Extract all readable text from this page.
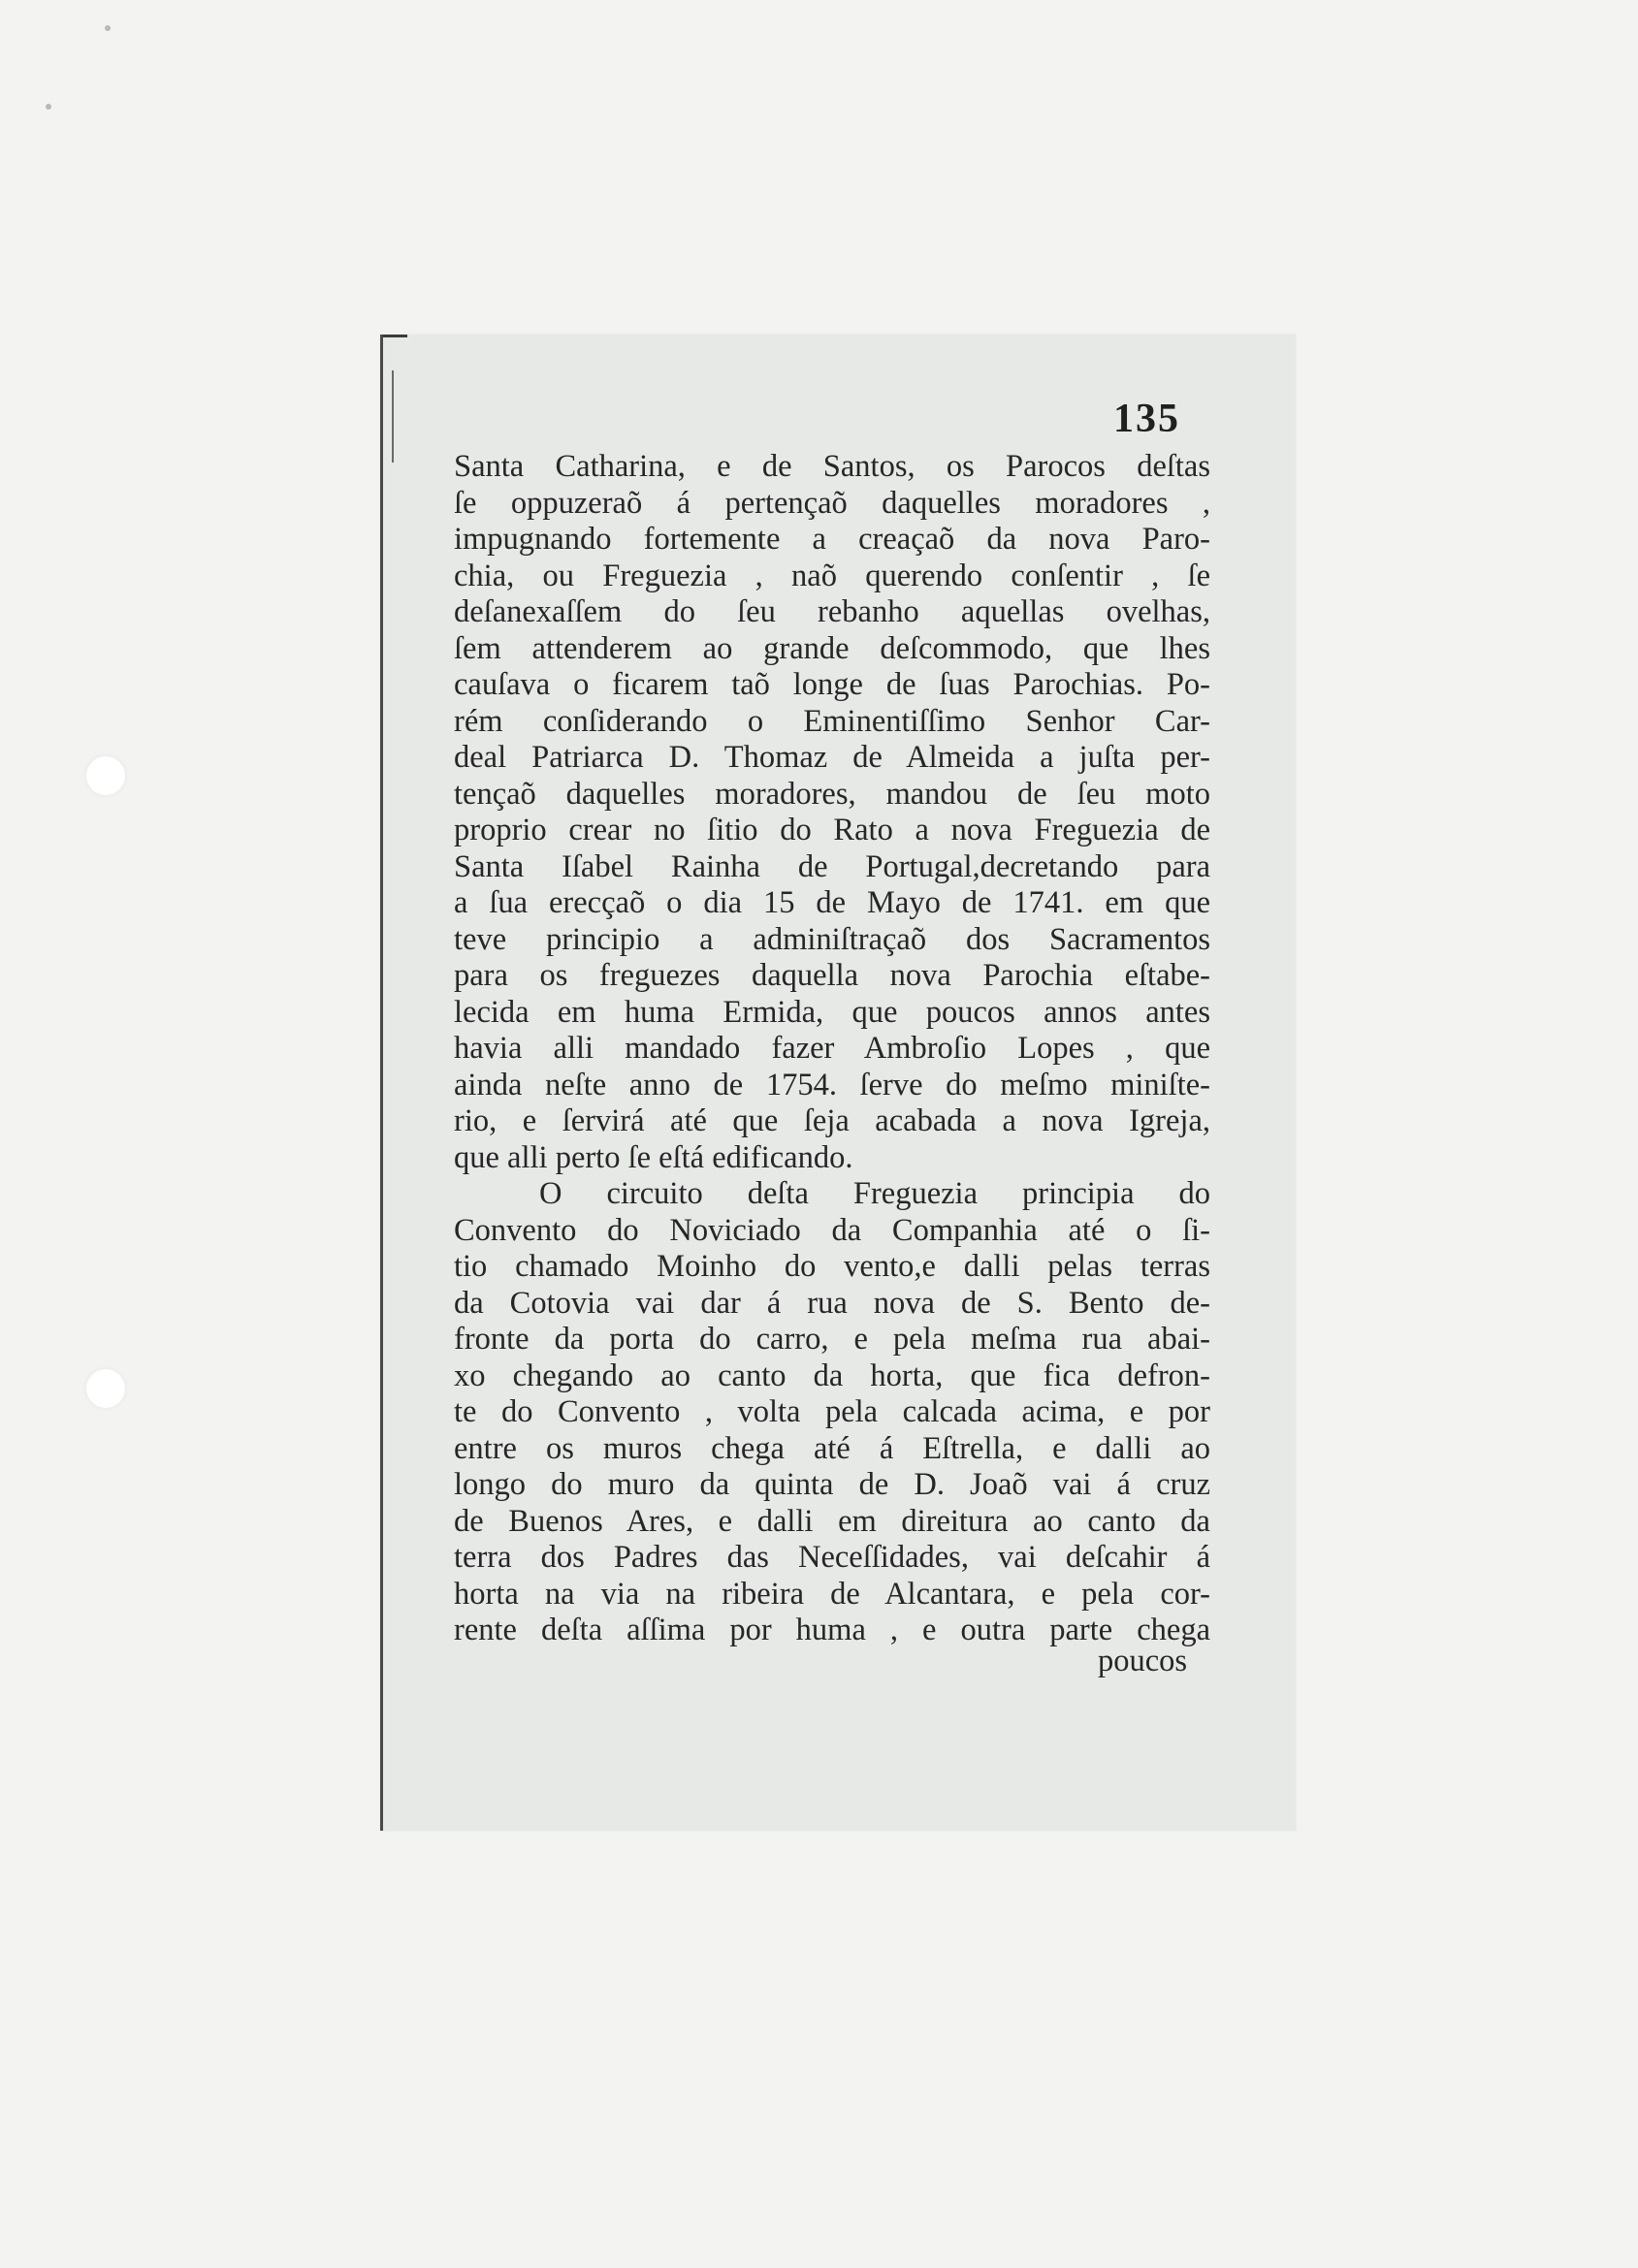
135
Santa Catharina, e de Santos, os Parocos deſtas
ſe oppuzeraõ á pertençaõ daquelles moradores ,
impugnando fortemente a creaçaõ da nova Paro-
chia, ou Freguezia , naõ querendo conſentir , ſe
deſanexaſſem do ſeu rebanho aquellas ovelhas,
ſem attenderem ao grande deſcommodo, que lhes
cauſava o ficarem taõ longe de ſuas Parochias. Po-
rém conſiderando o Eminentiſſimo Senhor Car-
deal Patriarca D. Thomaz de Almeida a juſta per-
tençaõ daquelles moradores, mandou de ſeu moto
proprio crear no ſitio do Rato a nova Freguezia de
Santa Iſabel Rainha de Portugal,decretando para
a ſua erecçaõ o dia 15 de Mayo de 1741. em que
teve principio a adminiſtraçaõ dos Sacramentos
para os freguezes daquella nova Parochia eſtabe-
lecida em huma Ermida, que poucos annos antes
havia alli mandado fazer Ambroſio Lopes , que
ainda neſte anno de 1754. ſerve do meſmo miniſte-
rio, e ſervirá até que ſeja acabada a nova Igreja,
que alli perto ſe eſtá edificando.
O circuito deſta Freguezia principia do
Convento do Noviciado da Companhia até o ſi-
tio chamado Moinho do vento,e dalli pelas terras
da Cotovia vai dar á rua nova de S. Bento de-
fronte da porta do carro, e pela meſma rua abai-
xo chegando ao canto da horta, que fica defron-
te do Convento , volta pela calcada acima, e por
entre os muros chega até á Eſtrella, e dalli ao
longo do muro da quinta de D. Joaõ vai á cruz
de Buenos Ares, e dalli em direitura ao canto da
terra dos Padres das Neceſſidades, vai deſcahir á
horta na via na ribeira de Alcantara, e pela cor-
rente deſta aſſima por huma , e outra parte chega
poucos
